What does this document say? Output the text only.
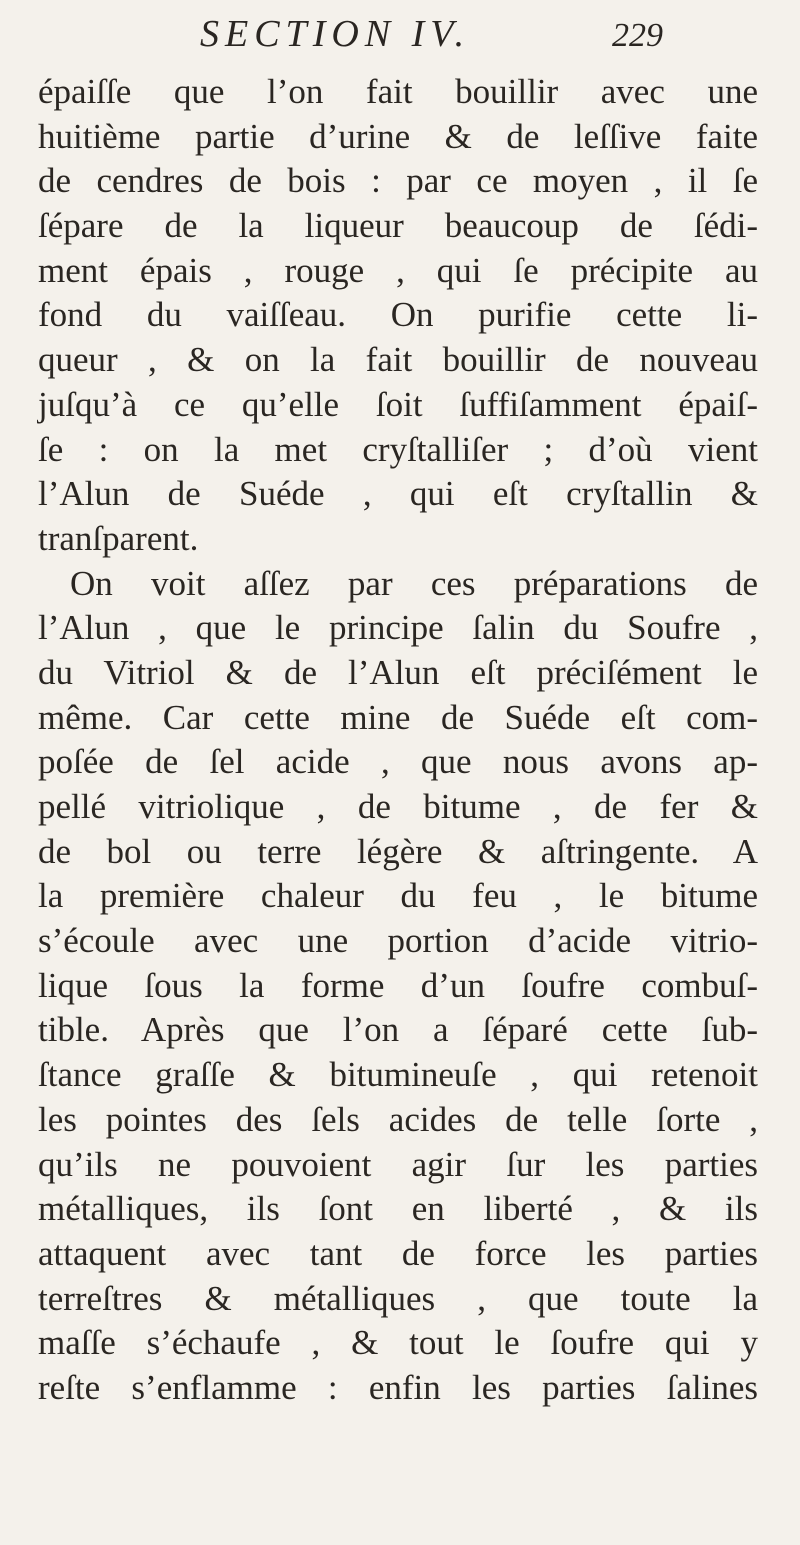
SECTION IV.	229
épaiſſe que l’on fait bouillir avec une
huitième partie d’urine & de leſſive faite
de cendres de bois : par ce moyen , il ſe
ſépare de la liqueur beaucoup de ſédi-
ment épais , rouge , qui ſe précipite au
fond du vaiſſeau. On purifie cette li-
queur , & on la fait bouillir de nouveau
juſqu’à ce qu’elle ſoit ſuffiſamment épaiſ-
ſe : on la met cryſtalliſer ; d’où vient
l’Alun de Suéde , qui eſt cryſtallin &
tranſparent.
On voit aſſez par ces préparations de
l’Alun , que le principe ſalin du Soufre ,
du Vitriol & de l’Alun eſt préciſément le
même. Car cette mine de Suéde eſt com-
poſée de ſel acide , que nous avons ap-
pellé vitriolique , de bitume , de fer &
de bol ou terre légère & aſtringente. A
la première chaleur du feu , le bitume
s’écoule avec une portion d’acide vitrio-
lique ſous la forme d’un ſoufre combuſ-
tible. Après que l’on a ſéparé cette ſub-
ſtance graſſe & bitumineuſe , qui retenoit
les pointes des ſels acides de telle ſorte ,
qu’ils ne pouvoient agir ſur les parties
métalliques, ils ſont en liberté , & ils
attaquent avec tant de force les parties
terreſtres & métalliques , que toute la
maſſe s’échaufe , & tout le ſoufre qui y
reſte s’enflamme : enfin les parties ſalines
